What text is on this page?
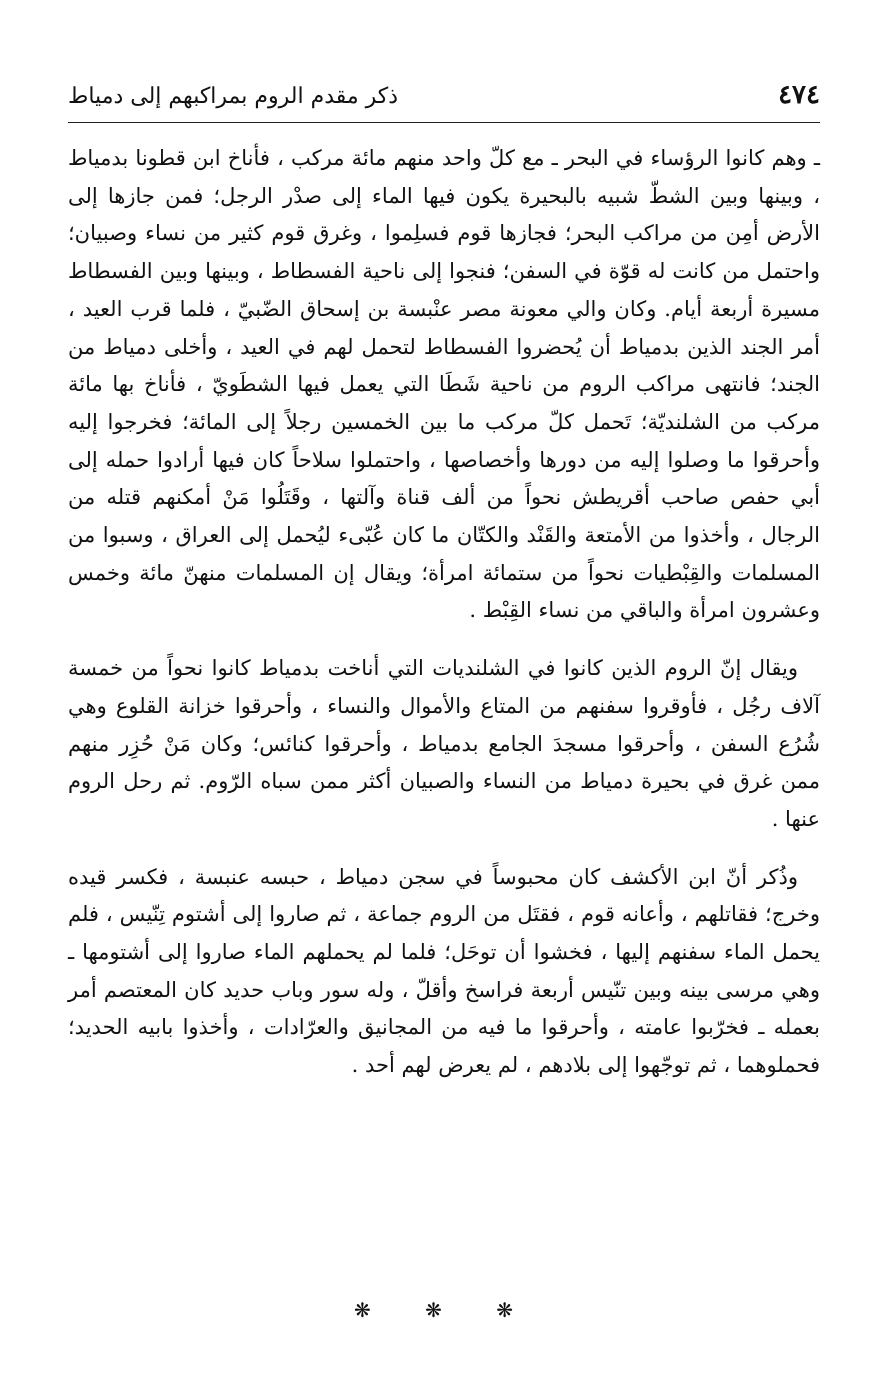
٤٧٤
ذكر مقدم الروم بمراكبهم إلى دمياط

ـ وهم كانوا الرؤساء في البحر ـ مع كلّ واحد منهم مائة مركب ، فأناخ ابن قطونا بدمياط ، وبينها وبين الشطّ شبيه بالبحيرة يكون فيها الماء إلى صدْر الرجل؛ فمن جازها إلى الأرض أمِن من مراكب البحر؛ فجازها قوم فسلِموا ، وغرق قوم كثير من نساء وصبيان؛ واحتمل من كانت له قوّة في السفن؛ فنجوا إلى ناحية الفسطاط ، وبينها وبين الفسطاط مسيرة أربعة أيام. وكان والي معونة مصر عنْبسة بن إسحاق الضّبيّ ، فلما قرب العيد ، أمر الجند الذين بدمياط أن يُحضروا الفسطاط لتحمل لهم في العيد ، وأخلى دمياط من الجند؛ فانتهى مراكب الروم من ناحية شَطَا التي يعمل فيها الشطَويّ ، فأناخ بها مائة مركب من الشلنديّة؛ تَحمل كلّ مركب ما بين الخمسين رجلاً إلى المائة؛ فخرجوا إليه وأحرقوا ما وصلوا إليه من دورها وأخصاصها ، واحتملوا سلاحاً كان فيها أرادوا حمله إلى أبي حفص صاحب أقريطش نحواً من ألف قناة وآلتها ، وقَتَلُوا مَنْ أمكنهم قتله من الرجال ، وأخذوا من الأمتعة والقَنْد والكتّان ما كان عُبّىء ليُحمل إلى العراق ، وسبوا من المسلمات والقِبْطيات نحواً من ستمائة امرأة؛ ويقال إن المسلمات منهنّ مائة وخمس وعشرون امرأة والباقي من نساء القِبْط .

ويقال إنّ الروم الذين كانوا في الشلنديات التي أناخت بدمياط كانوا نحواً من خمسة آلاف رجُل ، فأوقروا سفنهم من المتاع والأموال والنساء ، وأحرقوا خزانة القلوع وهي شُرُع السفن ، وأحرقوا مسجدَ الجامع بدمياط ، وأحرقوا كنائس؛ وكان مَنْ حُزِر منهم ممن غرق في بحيرة دمياط من النساء والصبيان أكثر ممن سباه الرّوم. ثم رحل الروم عنها .

وذُكر أنّ ابن الأكشف كان محبوساً في سجن دمياط ، حبسه عنبسة ، فكسر قيده وخرج؛ فقاتلهم ، وأعانه قوم ، فقتَل من الروم جماعة ، ثم صاروا إلى أشتوم تِنّيس ، فلم يحمل الماء سفنهم إليها ، فخشوا أن توحَل؛ فلما لم يحملهم الماء صاروا إلى أشتومها ـ وهي مرسى بينه وبين تنّيس أربعة فراسخ وأقلّ ، وله سور وباب حديد كان المعتصم أمر بعمله ـ فخرّبوا عامته ، وأحرقوا ما فيه من المجانيق والعرّادات ، وأخذوا بابيه الحديد؛ فحملوهما ، ثم توجّهوا إلى بلادهم ، لم يعرض لهم أحد .

❋ ❋ ❋
